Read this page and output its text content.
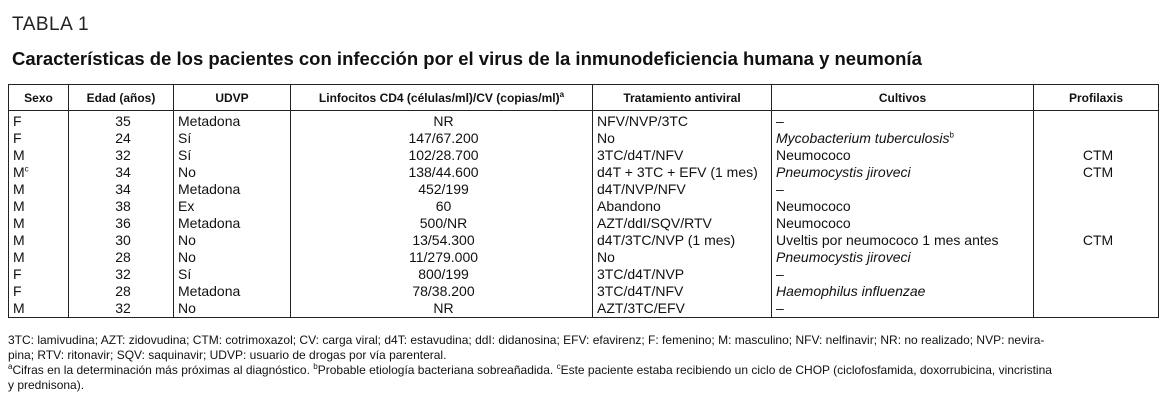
TABLA 1
Características de los pacientes con infección por el virus de la inmunodeficiencia humana y neumonía
Sexo	Edad (años)	UDVP	Linfocitos CD4 (células/ml)/CV (copias/ml)$^a$	Tratamiento antiviral	Cultivos	Profilaxis
F	35	Metadona	NR	NFV/NVP/3TC	–	
F	24	Sí	147/67.200	No	Mycobacterium tuberculosis$^b$	
M	32	Sí	102/28.700	3TC/d4T/NFV	Neumococo	CTM
$M^c$	34	No	138/44.600	d4T + 3TC + EFV (1 mes)	Pneumocystis jiroveci	CTM
M	34	Metadona	452/199	d4T/NVP/NFV	–	
M	38	Ex	60	Abandono	Neumococo	
M	36	Metadona	500/NR	AZT/ddI/SQV/RTV	Neumococo	
M	30	No	13/54.300	d4T/3TC/NVP (1 mes)	Uveltis por neumococo 1 mes antes	CTM
M	28	No	11/279.000	No	Pneumocystis jiroveci	
F	32	Sí	800/199	3TC/d4T/NVP	–	
F	28	Metadona	78/38.200	3TC/d4T/NFV	Haemophilus influenzae	
M	32	No	NR	AZT/3TC/EFV	–	

3TC: lamivudina; AZT: zidovudina; CTM: cotrimoxazol; CV: carga viral; d4T: estavudina; ddI: didanosina; EFV: efavirenz; F: femenino; M: masculino; NFV: nelfinavir; NR: no realizado; NVP: nevira-

pina; RTV: ritonavir; SQV: saquinavir; UDVP: usuario de drogas por vía parenteral.

$^a$Cifras en la determinación más próximas al diagnóstico. $^b$Probable etiología bacteriana sobreañadida. $^c$Este paciente estaba recibiendo un ciclo de CHOP (ciclofosfamida, doxorrubicina, vincristina

y prednisona).
